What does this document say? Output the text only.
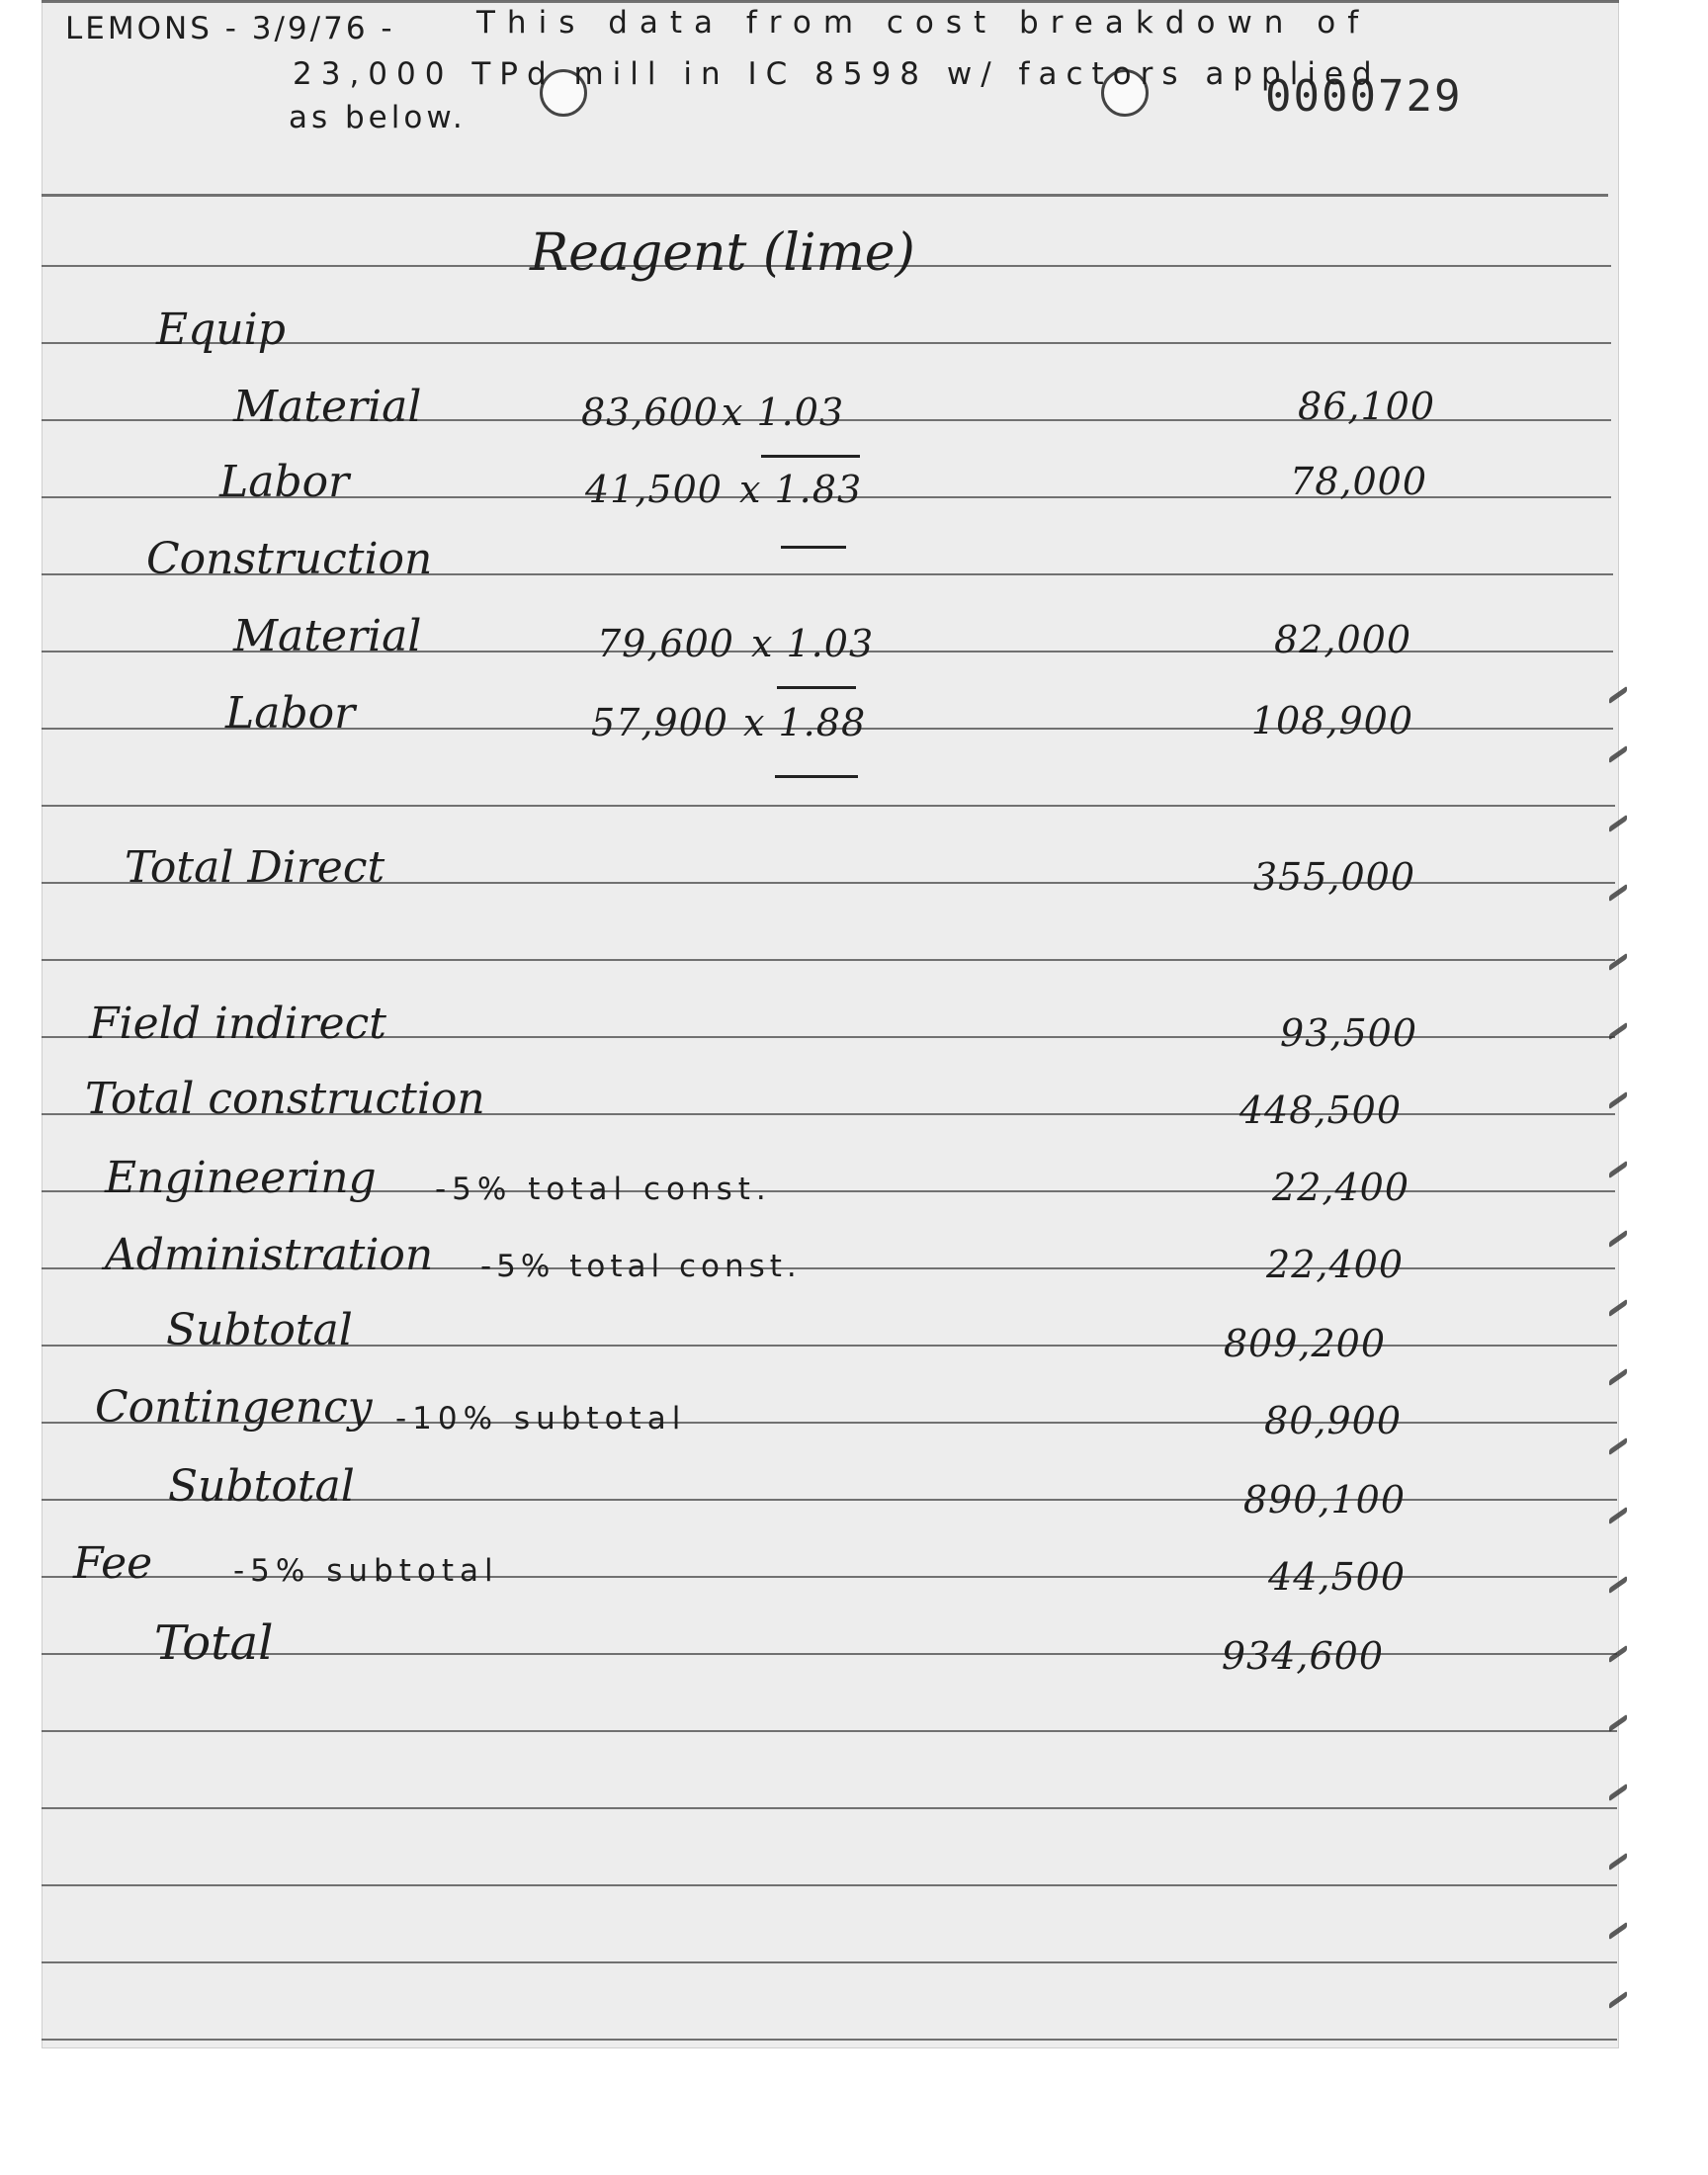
0000729
LEMONS - 3/9/76 -	This data from cost breakdown of
23,000 TPd mill in IC 8598 w/ factors applied
as below.
Reagent (lime)
Equip
Material	83,600 x 1.03	86,100
Labor	41,500 x 1.83	78,000
Construction
Material	79,600 x 1.03	82,000
Labor	57,900 x 1.88	108,900
Total Direct	355,000
Field indirect	93,500
Total construction	448,500
Engineering -5% total const.	22,400
Administration -5% total const.	22,400
Subtotal	809,200
Contingency -10% subtotal	80,900
Subtotal	890,100
Fee	-5% subtotal	44,500
Total	934,600
